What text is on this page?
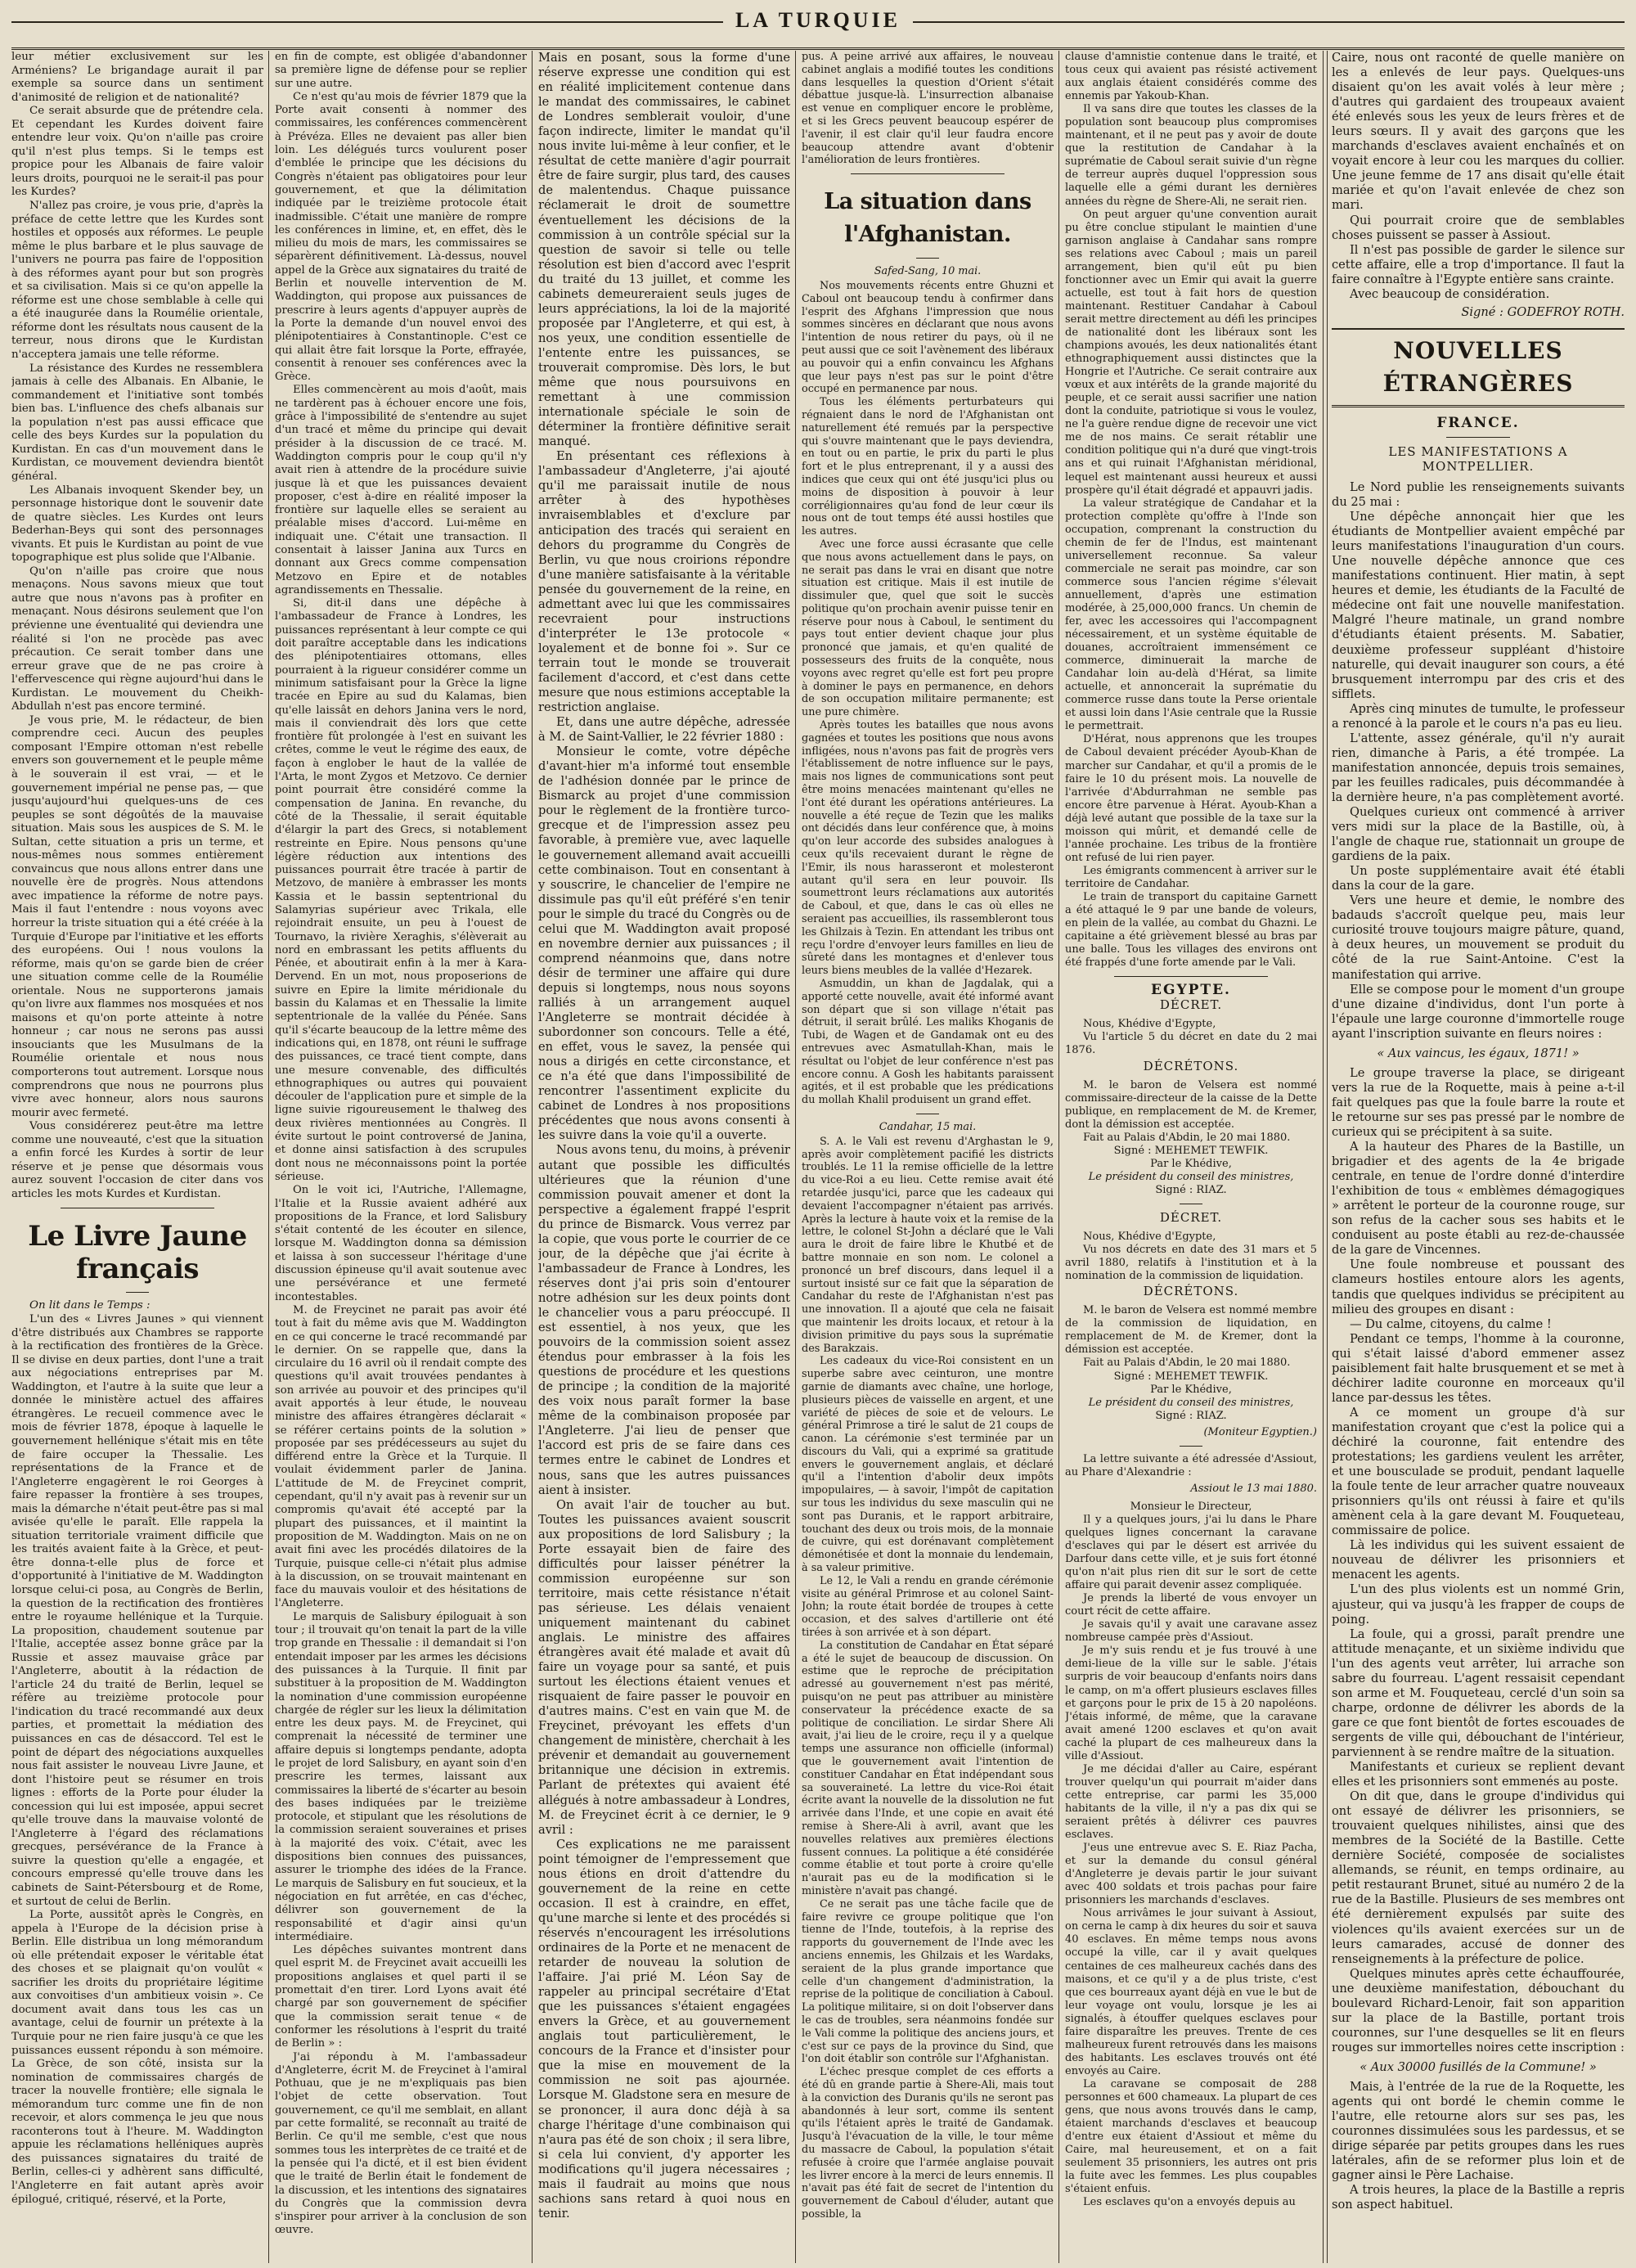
LA TURQUIE

leur métier exclusivement sur les Arméniens? Le brigandage aurait il par exemple sa source dans un sentiment d'animosité de religion et de nationalité?

Ce serait absurde que de prétendre cela. Et cependant les Kurdes doivent faire entendre leur voix. Qu'on n'aille pas croire qu'il n'est plus temps. Si le temps est propice pour les Albanais de faire valoir leurs droits, pourquoi ne le serait-il pas pour les Kurdes?

N'allez pas croire, je vous prie, d'après la préface de cette lettre que les Kurdes sont hostiles et opposés aux réformes. Le peuple même le plus barbare et le plus sauvage de l'univers ne pourra pas faire de l'opposition à des réformes ayant pour but son progrès et sa civilisation. Mais si ce qu'on appelle la réforme est une chose semblable à celle qui a été inaugurée dans la Roumélie orientale, réforme dont les résultats nous causent de la terreur, nous dirons que le Kurdistan n'acceptera jamais une telle réforme.

La résistance des Kurdes ne ressemblera jamais à celle des Albanais. En Albanie, le commandement et l'initiative sont tombés bien bas. L'influence des chefs albanais sur la population n'est pas aussi efficace que celle des beys Kurdes sur la population du Kurdistan. En cas d'un mouvement dans le Kurdistan, ce mouvement deviendra bientôt général.

Les Albanais invoquent Skender bey, un personnage historique dont le souvenir date de quatre siècles. Les Kurdes ont leurs Bederhan-Beys qui sont des personnages vivants. Et puis le Kurdistan au point de vue topographique est plus solide que l'Albanie.

Qu'on n'aille pas croire que nous menaçons. Nous savons mieux que tout autre que nous n'avons pas à profiter en menaçant. Nous désirons seulement que l'on prévienne une éventualité qui deviendra une réalité si l'on ne procède pas avec précaution. Ce serait tomber dans une erreur grave que de ne pas croire à l'effervescence qui règne aujourd'hui dans le Kurdistan. Le mouvement du Cheikh-Abdullah n'est pas encore terminé.

Je vous prie, M. le rédacteur, de bien comprendre ceci. Aucun des peuples composant l'Empire ottoman n'est rebelle envers son gouvernement et le peuple même à le souverain il est vrai, — et le gouvernement impérial ne pense pas, — que jusqu'aujourd'hui quelques-uns de ces peuples se sont dégoûtés de la mauvaise situation. Mais sous les auspices de S. M. le Sultan, cette situation a pris un terme, et nous-mêmes nous sommes entièrement convaincus que nous allons entrer dans une nouvelle ère de progrès. Nous attendons avec impatience la réforme de notre pays. Mais il faut l'entendre : nous voyons avec horreur la triste situation qui a été créée à la Turquie d'Europe par l'initiative et les efforts des européens. Oui ! nous voulons la réforme, mais qu'on se garde bien de créer une situation comme celle de la Roumélie orientale. Nous ne supporterons jamais qu'on livre aux flammes nos mosquées et nos maisons et qu'on porte atteinte à notre honneur ; car nous ne serons pas aussi insouciants que les Musulmans de la Roumélie orientale et nous nous comporterons tout autrement. Lorsque nous comprendrons que nous ne pourrons plus vivre avec honneur, alors nous saurons mourir avec fermeté.

Vous considérerez peut-être ma lettre comme une nouveauté, c'est que la situation a enfin forcé les Kurdes à sortir de leur réserve et je pense que désormais vous aurez souvent l'occasion de citer dans vos articles les mots Kurdes et Kurdistan.

Le Livre Jaune français

On lit dans le Temps :

L'un des « Livres Jaunes » qui viennent d'être distribués aux Chambres se rapporte à la rectification des frontières de la Grèce. Il se divise en deux parties, dont l'une a trait aux négociations entreprises par M. Waddington, et l'autre à la suite que leur a donnée le ministère actuel des affaires étrangères. Le recueil commence avec le mois de février 1878, époque à laquelle le gouvernement hellénique s'était mis en tête de faire occuper la Thessalie. Les représentations de la France et de l'Angleterre engagèrent le roi Georges à faire repasser la frontière à ses troupes, mais la démarche n'était peut-être pas si mal avisée qu'elle le paraît. Elle rappela la situation territoriale vraiment difficile que les traités avaient faite à la Grèce, et peut-être donna-t-elle plus de force et d'opportunité à l'initiative de M. Waddington lorsque celui-ci posa, au Congrès de Berlin, la question de la rectification des frontières entre le royaume hellénique et la Turquie. La proposition, chaudement soutenue par l'Italie, acceptée assez bonne grâce par la Russie et assez mauvaise grâce par l'Angleterre, aboutit à la rédaction de l'article 24 du traité de Berlin, lequel se réfère au treizième protocole pour l'indication du tracé recommandé aux deux parties, et promettait la médiation des puissances en cas de désaccord. Tel est le point de départ des négociations auxquelles nous fait assister le nouveau Livre Jaune, et dont l'histoire peut se résumer en trois lignes : efforts de la Porte pour éluder la concession qui lui est imposée, appui secret qu'elle trouve dans la mauvaise volonté de l'Angleterre à l'égard des réclamations grecques, persévérance de la France à suivre la question qu'elle a engagée, et concours empressé qu'elle trouve dans les cabinets de Saint-Pétersbourg et de Rome, et surtout de celui de Berlin.

La Porte, aussitôt après le Congrès, en appela à l'Europe de la décision prise à Berlin. Elle distribua un long mémorandum où elle prétendait exposer le véritable état des choses et se plaignait qu'on voulût « sacrifier les droits du propriétaire légitime aux convoitises d'un ambitieux voisin ». Ce document avait dans tous les cas un avantage, celui de fournir un prétexte à la Turquie pour ne rien faire jusqu'à ce que les puissances eussent répondu à son mémoire. La Grèce, de son côté, insista sur la nomination de commissaires chargés de tracer la nouvelle frontière; elle signala le mémorandum turc comme une fin de non recevoir, et alors commença le jeu que nous raconterons tout à l'heure. M. Waddington appuie les réclamations helléniques auprès des puissances signataires du traité de Berlin, celles-ci y adhèrent sans difficulté, l'Angleterre en fait autant après avoir épilogué, critiqué, réservé, et la Porte,

en fin de compte, est obligée d'abandonner sa première ligne de défense pour se replier sur une autre.

Ce n'est qu'au mois de février 1879 que la Porte avait consenti à nommer des commissaires, les conférences commencèrent à Prévéza. Elles ne devaient pas aller bien loin. Les délégués turcs voulurent poser d'emblée le principe que les décisions du Congrès n'étaient pas obligatoires pour leur gouvernement, et que la délimitation indiquée par le treizième protocole était inadmissible. C'était une manière de rompre les conférences in limine, et, en effet, dès le milieu du mois de mars, les commissaires se séparèrent définitivement. Là-dessus, nouvel appel de la Grèce aux signataires du traité de Berlin et nouvelle intervention de M. Waddington, qui propose aux puissances de prescrire à leurs agents d'appuyer auprès de la Porte la demande d'un nouvel envoi des plénipotentiaires à Constantinople. C'est ce qui allait être fait lorsque la Porte, effrayée, consentit à renouer ses conférences avec la Grèce.

Elles commencèrent au mois d'août, mais ne tardèrent pas à échouer encore une fois, grâce à l'impossibilité de s'entendre au sujet d'un tracé et même du principe qui devait présider à la discussion de ce tracé. M. Waddington compris pour le coup qu'il n'y avait rien à attendre de la procédure suivie jusque là et que les puissances devaient proposer, c'est à-dire en réalité imposer la frontière sur laquelle elles se seraient au préalable mises d'accord. Lui-même en indiquait une. C'était une transaction. Il consentait à laisser Janina aux Turcs en donnant aux Grecs comme compensation Metzovo en Epire et de notables agrandissements en Thessalie.

Si, dit-il dans une dépêche à l'ambassadeur de France à Londres, les puissances représentant à leur compte ce qui doit paraître acceptable dans les indications des plénipotentiaires ottomans, elles pourraient à la rigueur considérer comme un minimum satisfaisant pour la Grèce la ligne tracée en Epire au sud du Kalamas, bien qu'elle laissât en dehors Janina vers le nord, mais il conviendrait dès lors que cette frontière fût prolongée à l'est en suivant les crêtes, comme le veut le régime des eaux, de façon à englober le haut de la vallée de l'Arta, le mont Zygos et Metzovo. Ce dernier point pourrait être considéré comme la compensation de Janina. En revanche, du côté de la Thessalie, il serait équitable d'élargir la part des Grecs, si notablement restreinte en Epire. Nous pensons qu'une légère réduction aux intentions des puissances pourrait être tracée à partir de Metzovo, de manière à embrasser les monts Kassia et le bassin septentrional du Salamyrias supérieur avec Trikala, elle rejoindrait ensuite, un peu à l'ouest de Tournavo, la rivière Xeraghis, s'élèverait au nord en embrassant les petits affluents du Pénée, et aboutirait enfin à la mer à Kara-Dervend. En un mot, nous proposerions de suivre en Epire la limite méridionale du bassin du Kalamas et en Thessalie la limite septentrionale de la vallée du Pénée. Sans qu'il s'écarte beaucoup de la lettre même des indications qui, en 1878, ont réuni le suffrage des puissances, ce tracé tient compte, dans une mesure convenable, des difficultés ethnographiques ou autres qui pouvaient découler de l'application pure et simple de la ligne suivie rigoureusement le thalweg des deux rivières mentionnées au Congrès. Il évite surtout le point controversé de Janina, et donne ainsi satisfaction à des scrupules dont nous ne méconnaissons point la portée sérieuse.

On le voit ici, l'Autriche, l'Allemagne, l'Italie et la Russie avaient adhéré aux propositions de la France, et lord Salisbury s'était contenté de les écouter en silence, lorsque M. Waddington donna sa démission et laissa à son successeur l'héritage d'une discussion épineuse qu'il avait soutenue avec une persévérance et une fermeté incontestables.

M. de Freycinet ne parait pas avoir été tout à fait du même avis que M. Waddington en ce qui concerne le tracé recommandé par le dernier. On se rappelle que, dans la circulaire du 16 avril où il rendait compte des questions qu'il avait trouvées pendantes à son arrivée au pouvoir et des principes qu'il avait apportés à leur étude, le nouveau ministre des affaires étrangères déclarait « se référer certains points de la solution » proposée par ses prédécesseurs au sujet du différend entre la Grèce et la Turquie. Il voulait évidemment parler de Janina. L'attitude de M. de Freycinet comprit, cependant, qu'il n'y avait pas à revenir sur un compromis qu'avait été accepté par la plupart des puissances, et il maintint la proposition de M. Waddington. Mais on ne on avait fini avec les procédés dilatoires de la Turquie, puisque celle-ci n'était plus admise à la discussion, on se trouvait maintenant en face du mauvais vouloir et des hésitations de l'Angleterre.

Le marquis de Salisbury épiloguait à son tour ; il trouvait qu'on tenait la part de la ville trop grande en Thessalie : il demandait si l'on entendait imposer par les armes les décisions des puissances à la Turquie. Il finit par substituer à la proposition de M. Waddington la nomination d'une commission européenne chargée de régler sur les lieux la délimitation entre les deux pays. M. de Freycinet, qui comprenait la nécessité de terminer une affaire depuis si longtemps pendante, adopta le projet de lord Salisbury, en ayant soin d'en prescrire les termes, laissant aux commissaires la liberté de s'écarter au besoin des bases indiquées par le treizième protocole, et stipulant que les résolutions de la commission seraient souveraines et prises à la majorité des voix. C'était, avec les dispositions bien connues des puissances, assurer le triomphe des idées de la France. Le marquis de Salisbury en fut soucieux, et la négociation en fut arrêtée, en cas d'échec, délivrer son gouvernement de la responsabilité et d'agir ainsi qu'un intermédiaire.

Les dépêches suivantes montrent dans quel esprit M. de Freycinet avait accueilli les propositions anglaises et quel parti il se promettait d'en tirer. Lord Lyons avait été chargé par son gouvernement de spécifier que la commission serait tenue « de conformer les résolutions à l'esprit du traité de Berlin » :

J'ai répondu à M. l'ambassadeur d'Angleterre, écrit M. de Freycinet à l'amiral Pothuau, que je ne m'expliquais pas bien l'objet de cette observation. Tout gouvernement, ce qu'il me semblait, en allant par cette formalité, se reconnaît au traité de Berlin. Ce qu'il me semble, c'est que nous sommes tous les interprètes de ce traité et de la pensée qui l'a dicté, et il est bien évident que le traité de Berlin était le fondement de la discussion, et les intentions des signataires du Congrès que la commission devra s'inspirer pour arriver à la conclusion de son œuvre.

Mais en posant, sous la forme d'une réserve expresse une condition qui est en réalité implicitement contenue dans le mandat des commissaires, le cabinet de Londres semblerait vouloir, d'une façon indirecte, limiter le mandat qu'il nous invite lui-même à leur confier, et le résultat de cette manière d'agir pourrait être de faire surgir, plus tard, des causes de malentendus. Chaque puissance réclamerait le droit de soumettre éventuellement les décisions de la commission à un contrôle spécial sur la question de savoir si telle ou telle résolution est bien d'accord avec l'esprit du traité du 13 juillet, et comme les cabinets demeureraient seuls juges de leurs appréciations, la loi de la majorité proposée par l'Angleterre, et qui est, à nos yeux, une condition essentielle de l'entente entre les puissances, se trouverait compromise. Dès lors, le but même que nous poursuivons en remettant à une commission internationale spéciale le soin de déterminer la frontière définitive serait manqué.

En présentant ces réflexions à l'ambassadeur d'Angleterre, j'ai ajouté qu'il me paraissait inutile de nous arrêter à des hypothèses invraisemblables et d'exclure par anticipation des tracés qui seraient en dehors du programme du Congrès de Berlin, vu que nous croirions répondre d'une manière satisfaisante à la véritable pensée du gouvernement de la reine, en admettant avec lui que les commissaires recevraient pour instructions d'interpréter le 13e protocole « loyalement et de bonne foi ». Sur ce terrain tout le monde se trouverait facilement d'accord, et c'est dans cette mesure que nous estimions acceptable la restriction anglaise.

Et, dans une autre dépêche, adressée à M. de Saint-Vallier, le 22 février 1880 :

Monsieur le comte, votre dépêche d'avant-hier m'a informé tout ensemble de l'adhésion donnée par le prince de Bismarck au projet d'une commission pour le règlement de la frontière turco-grecque et de l'impression assez peu favorable, à première vue, avec laquelle le gouvernement allemand avait accueilli cette combinaison. Tout en consentant à y souscrire, le chancelier de l'empire ne dissimule pas qu'il eût préféré s'en tenir pour le simple du tracé du Congrès ou de celui que M. Waddington avait proposé en novembre dernier aux puissances ; il comprend néanmoins que, dans notre désir de terminer une affaire qui dure depuis si longtemps, nous nous soyons ralliés à un arrangement auquel l'Angleterre se montrait décidée à subordonner son concours. Telle a été, en effet, vous le savez, la pensée qui nous a dirigés en cette circonstance, et ce n'a été que dans l'impossibilité de rencontrer l'assentiment explicite du cabinet de Londres à nos propositions précédentes que nous avons consenti à les suivre dans la voie qu'il a ouverte.

Nous avons tenu, du moins, à prévenir autant que possible les difficultés ultérieures que la réunion d'une commission pouvait amener et dont la perspective a également frappé l'esprit du prince de Bismarck. Vous verrez par la copie, que vous porte le courrier de ce jour, de la dépêche que j'ai écrite à l'ambassadeur de France à Londres, les réserves dont j'ai pris soin d'entourer notre adhésion sur les deux points dont le chancelier vous a paru préoccupé. Il est essentiel, à nos yeux, que les pouvoirs de la commission soient assez étendus pour embrasser à la fois les questions de procédure et les questions de principe ; la condition de la majorité des voix nous paraît former la base même de la combinaison proposée par l'Angleterre. J'ai lieu de penser que l'accord est pris de se faire dans ces termes entre le cabinet de Londres et nous, sans que les autres puissances aient à insister.

On avait l'air de toucher au but. Toutes les puissances avaient souscrit aux propositions de lord Salisbury ; la Porte essayait bien de faire des difficultés pour laisser pénétrer la commission européenne sur son territoire, mais cette résistance n'était pas sérieuse. Les délais venaient uniquement maintenant du cabinet anglais. Le ministre des affaires étrangères avait été malade et avait dû faire un voyage pour sa santé, et puis surtout les élections étaient venues et risquaient de faire passer le pouvoir en d'autres mains. C'est en vain que M. de Freycinet, prévoyant les effets d'un changement de ministère, cherchait à les prévenir et demandait au gouvernement britannique une décision in extremis. Parlant de prétextes qui avaient été allégués à notre ambassadeur à Londres, M. de Freycinet écrit à ce dernier, le 9 avril :

Ces explications ne me paraissent point témoigner de l'empressement que nous étions en droit d'attendre du gouvernement de la reine en cette occasion. Il est à craindre, en effet, qu'une marche si lente et des procédés si réservés n'encouragent les irrésolutions ordinaires de la Porte et ne menacent de retarder de nouveau la solution de l'affaire. J'ai prié M. Léon Say de rappeler au principal secrétaire d'Etat que les puissances s'étaient engagées envers la Grèce, et au gouvernement anglais tout particulièrement, le concours de la France et d'insister pour que la mise en mouvement de la commission ne soit pas ajournée. Lorsque M. Gladstone sera en mesure de se prononcer, il aura donc déjà à sa charge l'héritage d'une combinaison qui n'aura pas été de son choix ; il sera libre, si cela lui convient, d'y apporter les modifications qu'il jugera nécessaires ; mais il faudrait au moins que nous sachions sans retard à quoi nous en tenir.

pus. A peine arrivé aux affaires, le nouveau cabinet anglais a modifié toutes les conditions dans lesquelles la question d'Orient s'était débattue jusque-là. L'insurrection albanaise est venue en compliquer encore le problème, et si les Grecs peuvent beaucoup espérer de l'avenir, il est clair qu'il leur faudra encore beaucoup attendre avant d'obtenir l'amélioration de leurs frontières.

La situation dans l'Afghanistan.
Safed-Sang, 10 mai.

Nos mouvements récents entre Ghuzni et Caboul ont beaucoup tendu à confirmer dans l'esprit des Afghans l'impression que nous sommes sincères en déclarant que nous avons l'intention de nous retirer du pays, où il ne peut aussi que ce soit l'avènement des libéraux au pouvoir qui a enfin convaincu les Afghans que leur pays n'est pas sur le point d'être occupé en permanence par nous.

Tous les éléments perturbateurs qui régnaient dans le nord de l'Afghanistan ont naturellement été remués par la perspective qui s'ouvre maintenant que le pays deviendra, en tout ou en partie, le prix du parti le plus fort et le plus entreprenant, il y a aussi des indices que ceux qui ont été jusqu'ici plus ou moins de disposition à pouvoir à leur corréligionnaires qu'au fond de leur cœur ils nous ont de tout temps été aussi hostiles que les autres.

Avec une force aussi écrasante que celle que nous avons actuellement dans le pays, on ne serait pas dans le vrai en disant que notre situation est critique. Mais il est inutile de dissimuler que, quel que soit le succès politique qu'on prochain avenir puisse tenir en réserve pour nous à Caboul, le sentiment du pays tout entier devient chaque jour plus prononcé que jamais, et qu'en qualité de possesseurs des fruits de la conquête, nous voyons avec regret qu'elle est fort peu propre à dominer le pays en permanence, en dehors de son occupation militaire permanente; est une pure chimère.

Après toutes les batailles que nous avons gagnées et toutes les positions que nous avons infligées, nous n'avons pas fait de progrès vers l'établissement de notre influence sur le pays, mais nos lignes de communications sont peut être moins menacées maintenant qu'elles ne l'ont été durant les opérations antérieures. La nouvelle a été reçue de Tezin que les maliks ont décidés dans leur conférence que, à moins qu'on leur accorde des subsides analogues à ceux qu'ils recevaient durant le règne de l'Emir, ils nous harasseront et molesteront autant qu'il sera en leur pouvoir. Ils soumettront leurs réclamations aux autorités de Caboul, et que, dans le cas où elles ne seraient pas accueillies, ils rassembleront tous les Ghilzais à Tezin. En attendant les tribus ont reçu l'ordre d'envoyer leurs familles en lieu de sûreté dans les montagnes et d'enlever tous leurs biens meubles de la vallée d'Hezarek.

Asmuddin, un khan de Jagdalak, qui a apporté cette nouvelle, avait été informé avant son départ que si son village n'était pas détruit, il serait brûlé. Les maliks Khoganis de Tubi, de Wagen et de Gandamak ont eu des entrevues avec Asmatullah-Khan, mais le résultat ou l'objet de leur conférence n'est pas encore connu. A Gosh les habitants paraissent agités, et il est probable que les prédications du mollah Khalil produisent un grand effet.

Candahar, 15 mai.

S. A. le Vali est revenu d'Arghastan le 9, après avoir complètement pacifié les districts troublés. Le 11 la remise officielle de la lettre du vice-Roi a eu lieu. Cette remise avait été retardée jusqu'ici, parce que les cadeaux qui devaient l'accompagner n'étaient pas arrivés. Après la lecture à haute voix et la remise de la lettre, le colonel St-John a déclaré que le Vali aura le droit de faire libre le Khutbé et de battre monnaie en son nom. Le colonel a prononcé un bref discours, dans lequel il a surtout insisté sur ce fait que la séparation de Candahar du reste de l'Afghanistan n'est pas une innovation. Il a ajouté que cela ne faisait que maintenir les droits locaux, et retour à la division primitive du pays sous la suprématie des Barakzais.

Les cadeaux du vice-Roi consistent en un superbe sabre avec ceinturon, une montre garnie de diamants avec chaîne, une horloge, plusieurs pièces de vaisselle en argent, et une variété de pièces de soie et de velours. Le général Primrose a tiré le salut de 21 coups de canon. La cérémonie s'est terminée par un discours du Vali, qui a exprimé sa gratitude envers le gouvernement anglais, et déclaré qu'il a l'intention d'abolir deux impôts impopulaires, — à savoir, l'impôt de capitation sur tous les individus du sexe masculin qui ne sont pas Duranis, et le rapport arbitraire, touchant des deux ou trois mois, de la monnaie de cuivre, qui est dorénavant complètement démonétisée et dont la monnaie du lendemain, à sa valeur primitive.

Le 12, le Vali a rendu en grande cérémonie visite au général Primrose et au colonel Saint-John; la route était bordée de troupes à cette occasion, et des salves d'artillerie ont été tirées à son arrivée et à son départ.

La constitution de Candahar en État séparé a été le sujet de beaucoup de discussion. On estime que le reproche de précipitation adressé au gouvernement n'est pas mérité, puisqu'on ne peut pas attribuer au ministère conservateur la précédence exacte de sa politique de conciliation. Le sirdar Shere Ali avait, j'ai lieu de le croire, reçu il y a quelque temps une assurance non officielle (informal) que le gouvernement avait l'intention de constituer Candahar en État indépendant sous sa souveraineté. La lettre du vice-Roi était écrite avant la nouvelle de la dissolution ne fut arrivée dans l'Inde, et une copie en avait été remise à Shere-Ali à avril, avant que les nouvelles relatives aux premières élections fussent connues. La politique a été considérée comme établie et tout porte à croire qu'elle n'aurait pas eu de la modification si le ministère n'avait pas changé.

Ce ne serait pas une tâche facile que de faire revivre ce groupe politique que l'on tienne de l'Inde, toutefois, à la reprise des rapports du gouvernement de l'Inde avec les anciens ennemis, les Ghilzais et les Wardaks, seraient de la plus grande importance que celle d'un changement d'administration, la reprise de la politique de conciliation à Caboul. La politique militaire, si on doit l'observer dans le cas de troubles, sera néanmoins fondée sur le Vali comme la politique des anciens jours, et c'est sur ce pays de la province du Sind, que l'on doit établir son contrôle sur l'Afghanistan.

L'échec presque complet de ces efforts a été dû en grande partie à Shere-Ali, mais tout à la conviction des Duranis qu'ils ne seront pas abandonnés à leur sort, comme ils sentent qu'ils l'étaient après le traité de Gandamak. Jusqu'à l'évacuation de la ville, le tour même du massacre de Caboul, la population s'était refusée à croire que l'armée anglaise pouvait les livrer encore à la merci de leurs ennemis. Il n'avait pas été fait de secret de l'intention du gouvernement de Caboul d'éluder, autant que possible, la

clause d'amnistie contenue dans le traité, et tous ceux qui avaient pas résisté activement aux anglais étaient considérés comme des ennemis par Yakoub-Khan.

Il va sans dire que toutes les classes de la population sont beaucoup plus compromises maintenant, et il ne peut pas y avoir de doute que la restitution de Candahar à la suprématie de Caboul serait suivie d'un règne de terreur auprès duquel l'oppression sous laquelle elle a gémi durant les dernières années du règne de Shere-Ali, ne serait rien.

On peut arguer qu'une convention aurait pu être conclue stipulant le maintien d'une garnison anglaise à Candahar sans rompre ses relations avec Caboul ; mais un pareil arrangement, bien qu'il eût pu bien fonctionner avec un Emir qui avait la guerre actuelle, est tout à fait hors de question maintenant. Restituer Candahar à Caboul serait mettre directement au défi les principes de nationalité dont les libéraux sont les champions avoués, les deux nationalités étant ethnographiquement aussi distinctes que la Hongrie et l'Autriche. Ce serait contraire aux vœux et aux intérêts de la grande majorité du peuple, et ce serait aussi sacrifier une nation dont la conduite, patriotique si vous le voulez, ne l'a guère rendue digne de recevoir une vict me de nos mains. Ce serait rétablir une condition politique qui n'a duré que vingt-trois ans et qui ruinait l'Afghanistan méridional, lequel est maintenant aussi heureux et aussi prospère qu'il était dégradé et appauvri jadis.

La valeur stratégique de Candahar et la protection complète qu'offre à l'Inde son occupation, comprenant la construction du chemin de fer de l'Indus, est maintenant universellement reconnue. Sa valeur commerciale ne serait pas moindre, car son commerce sous l'ancien régime s'élevait annuellement, d'après une estimation modérée, à 25,000,000 francs. Un chemin de fer, avec les accessoires qui l'accompagnent nécessairement, et un système équitable de douanes, accroîtraient immensément ce commerce, diminuerait la marche de Candahar loin au-delà d'Hérat, sa limite actuelle, et annoncerait la suprématie du commerce russe dans toute la Perse orientale et aussi loin dans l'Asie centrale que la Russie le permettrait.

D'Hérat, nous apprenons que les troupes de Caboul devaient précéder Ayoub-Khan de marcher sur Candahar, et qu'il a promis de le faire le 10 du présent mois. La nouvelle de l'arrivée d'Abdurrahman ne semble pas encore être parvenue à Hérat. Ayoub-Khan a déjà levé autant que possible de la taxe sur la moisson qui mûrit, et demandé celle de l'année prochaine. Les tribus de la frontière ont refusé de lui rien payer.

Les émigrants commencent à arriver sur le territoire de Candahar.

Le train de transport du capitaine Garnett a été attaqué le 9 par une bande de voleurs, en plein de la vallée, au combat du Ghazni. Le capitaine a été grièvement blessé au bras par une balle. Tous les villages des environs ont été frappés d'une forte amende par le Vali.

EGYPTE.
DÉCRET.

Nous, Khédive d'Egypte,

Vu l'article 5 du décret en date du 2 mai 1876.

DÉCRÉTONS.

M. le baron de Velsera est nommé commissaire-directeur de la caisse de la Dette publique, en remplacement de M. de Kremer, dont la démission est acceptée.

Fait au Palais d'Abdin, le 20 mai 1880.

Signé : MEHEMET TEWFIK.
Par le Khédive,
Le président du conseil des ministres,
Signé : RIAZ.
DÉCRET.

Nous, Khédive d'Egypte,

Vu nos décrets en date des 31 mars et 5 avril 1880, relatifs à l'institution et à la nomination de la commission de liquidation.

DÉCRÉTONS.

M. le baron de Velsera est nommé membre de la commission de liquidation, en remplacement de M. de Kremer, dont la démission est acceptée.

Fait au Palais d'Abdin, le 20 mai 1880.

Signé : MEHEMET TEWFIK.
Par le Khédive,
Le président du conseil des ministres,
Signé : RIAZ.
(Moniteur Egyptien.)

La lettre suivante a été adressée d'Assiout, au Phare d'Alexandrie :

Assiout le 13 mai 1880.
Monsieur le Directeur,

Il y a quelques jours, j'ai lu dans le Phare quelques lignes concernant la caravane d'esclaves qui par le désert est arrivée du Darfour dans cette ville, et je suis fort étonné qu'on n'ait plus rien dit sur le sort de cette affaire qui parait devenir assez compliquée.

Je prends la liberté de vous envoyer un court récit de cette affaire.

Je savais qu'il y avait une caravane assez nombreuse campée près d'Assiout.

Je m'y suis rendu et je fus trouvé à une demi-lieue de la ville sur le sable. J'étais surpris de voir beaucoup d'enfants noirs dans le camp, on m'a offert plusieurs esclaves filles et garçons pour le prix de 15 à 20 napoléons. J'étais informé, de même, que la caravane avait amené 1200 esclaves et qu'on avait caché la plupart de ces malheureux dans la ville d'Assiout.

Je me décidai d'aller au Caire, espérant trouver quelqu'un qui pourrait m'aider dans cette entreprise, car parmi les 35,000 habitants de la ville, il n'y a pas dix qui se seraient prêtés à délivrer ces pauvres esclaves.

J'eus une entrevue avec S. E. Riaz Pacha, et sur la demande du consul général d'Angleterre je devais partir le jour suivant avec 400 soldats et trois pachas pour faire prisonniers les marchands d'esclaves.

Nous arrivâmes le jour suivant à Assiout, on cerna le camp à dix heures du soir et sauva 40 esclaves. En même temps nous avons occupé la ville, car il y avait quelques centaines de ces malheureux cachés dans des maisons, et ce qu'il y a de plus triste, c'est que ces bourreaux ayant déjà en vue le but de leur voyage ont voulu, lorsque je les ai signalés, à étouffer quelques esclaves pour faire disparaître les preuves. Trente de ces malheureux furent retrouvés dans les maisons des habitants. Les esclaves trouvés ont été envoyés au Caire.

La caravane se composait de 288 personnes et 600 chameaux. La plupart de ces gens, que nous avons trouvés dans le camp, étaient marchands d'esclaves et beaucoup d'entre eux étaient d'Assiout et même du Caire, mal heureusement, et on a fait seulement 35 prisonniers, les autres ont pris la fuite avec les femmes. Les plus coupables s'étaient enfuis.

Les esclaves qu'on a envoyés depuis au

Caire, nous ont raconté de quelle manière on les a enlevés de leur pays. Quelques-uns disaient qu'on les avait volés à leur mère ; d'autres qui gardaient des troupeaux avaient été enlevés sous les yeux de leurs frères et de leurs sœurs. Il y avait des garçons que les marchands d'esclaves avaient enchaînés et on voyait encore à leur cou les marques du collier. Une jeune femme de 17 ans disait qu'elle était mariée et qu'on l'avait enlevée de chez son mari.

Qui pourrait croire que de semblables choses puissent se passer à Assiout.

Il n'est pas possible de garder le silence sur cette affaire, elle a trop d'importance. Il faut la faire connaître à l'Egypte entière sans crainte.

Avec beaucoup de considération.

Signé : GODEFROY ROTH.
NOUVELLES ÉTRANGÈRES
FRANCE.
LES MANIFESTATIONS A MONTPELLIER.

Le Nord publie les renseignements suivants du 25 mai :

Une dépêche annonçait hier que les étudiants de Montpellier avaient empêché par leurs manifestations l'inauguration d'un cours. Une nouvelle dépêche annonce que ces manifestations continuent. Hier matin, à sept heures et demie, les étudiants de la Faculté de médecine ont fait une nouvelle manifestation. Malgré l'heure matinale, un grand nombre d'étudiants étaient présents. M. Sabatier, deuxième professeur suppléant d'histoire naturelle, qui devait inaugurer son cours, a été brusquement interrompu par des cris et des sifflets.

Après cinq minutes de tumulte, le professeur a renoncé à la parole et le cours n'a pas eu lieu.

L'attente, assez générale, qu'il n'y aurait rien, dimanche à Paris, a été trompée. La manifestation annoncée, depuis trois semaines, par les feuilles radicales, puis décommandée à la dernière heure, n'a pas complètement avorté.

Quelques curieux ont commencé à arriver vers midi sur la place de la Bastille, où, à l'angle de chaque rue, stationnait un groupe de gardiens de la paix.

Un poste supplémentaire avait été établi dans la cour de la gare.

Vers une heure et demie, le nombre des badauds s'accroît quelque peu, mais leur curiosité trouve toujours maigre pâture, quand, à deux heures, un mouvement se produit du côté de la rue Saint-Antoine. C'est la manifestation qui arrive.

Elle se compose pour le moment d'un groupe d'une dizaine d'individus, dont l'un porte à l'épaule une large couronne d'immortelle rouge ayant l'inscription suivante en fleurs noires :

« Aux vaincus, les égaux, 1871! »

Le groupe traverse la place, se dirigeant vers la rue de la Roquette, mais à peine a-t-il fait quelques pas que la foule barre la route et le retourne sur ses pas pressé par le nombre de curieux qui se précipitent à sa suite.

A la hauteur des Phares de la Bastille, un brigadier et des agents de la 4e brigade centrale, en tenue de l'ordre donné d'interdire l'exhibition de tous « emblèmes démagogiques » arrêtent le porteur de la couronne rouge, sur son refus de la cacher sous ses habits et le conduisent au poste établi au rez-de-chaussée de la gare de Vincennes.

Une foule nombreuse et poussant des clameurs hostiles entoure alors les agents, tandis que quelques individus se précipitent au milieu des groupes en disant :

— Du calme, citoyens, du calme !

Pendant ce temps, l'homme à la couronne, qui s'était laissé d'abord emmener assez paisiblement fait halte brusquement et se met à déchirer ladite couronne en morceaux qu'il lance par-dessus les têtes.

A ce moment un groupe d'à sur manifestation croyant que c'est la police qui a déchiré la couronne, fait entendre des protestations; les gardiens veulent les arrêter, et une bousculade se produit, pendant laquelle la foule tente de leur arracher quatre nouveaux prisonniers qu'ils ont réussi à faire et qu'ils amènent cela à la gare devant M. Fouqueteau, commissaire de police.

Là les individus qui les suivent essaient de nouveau de délivrer les prisonniers et menacent les agents.

L'un des plus violents est un nommé Grin, ajusteur, qui va jusqu'à les frapper de coups de poing.

La foule, qui a grossi, paraît prendre une attitude menaçante, et un sixième individu que l'un des agents veut arrêter, lui arrache son sabre du fourreau. L'agent ressaisit cependant son arme et M. Fouqueteau, cerclé d'un soin sa charpe, ordonne de délivrer les abords de la gare ce que font bientôt de fortes escouades de sergents de ville qui, débouchant de l'intérieur, parviennent à se rendre maître de la situation.

Manifestants et curieux se replient devant elles et les prisonniers sont emmenés au poste.

On dit que, dans le groupe d'individus qui ont essayé de délivrer les prisonniers, se trouvaient quelques nihilistes, ainsi que des membres de la Société de la Bastille. Cette dernière Société, composée de socialistes allemands, se réunit, en temps ordinaire, au petit restaurant Brunet, situé au numéro 2 de la rue de la Bastille. Plusieurs de ses membres ont été dernièrement expulsés par suite des violences qu'ils avaient exercées sur un de leurs camarades, accusé de donner des renseignements à la préfecture de police.

Quelques minutes après cette échauffourée, une deuxième manifestation, débouchant du boulevard Richard-Lenoir, fait son apparition sur la place de la Bastille, portant trois couronnes, sur l'une desquelles se lit en fleurs rouges sur immortelles noires cette inscription :

« Aux 30000 fusillés de la Commune! »

Mais, à l'entrée de la rue de la Roquette, les agents qui ont bordé le chemin comme le l'autre, elle retourne alors sur ses pas, les couronnes dissimulées sous les pardessus, et se dirige séparée par petits groupes dans les rues latérales, afin de se reformer plus loin et de gagner ainsi le Père Lachaise.

A trois heures, la place de la Bastille a repris son aspect habituel.
